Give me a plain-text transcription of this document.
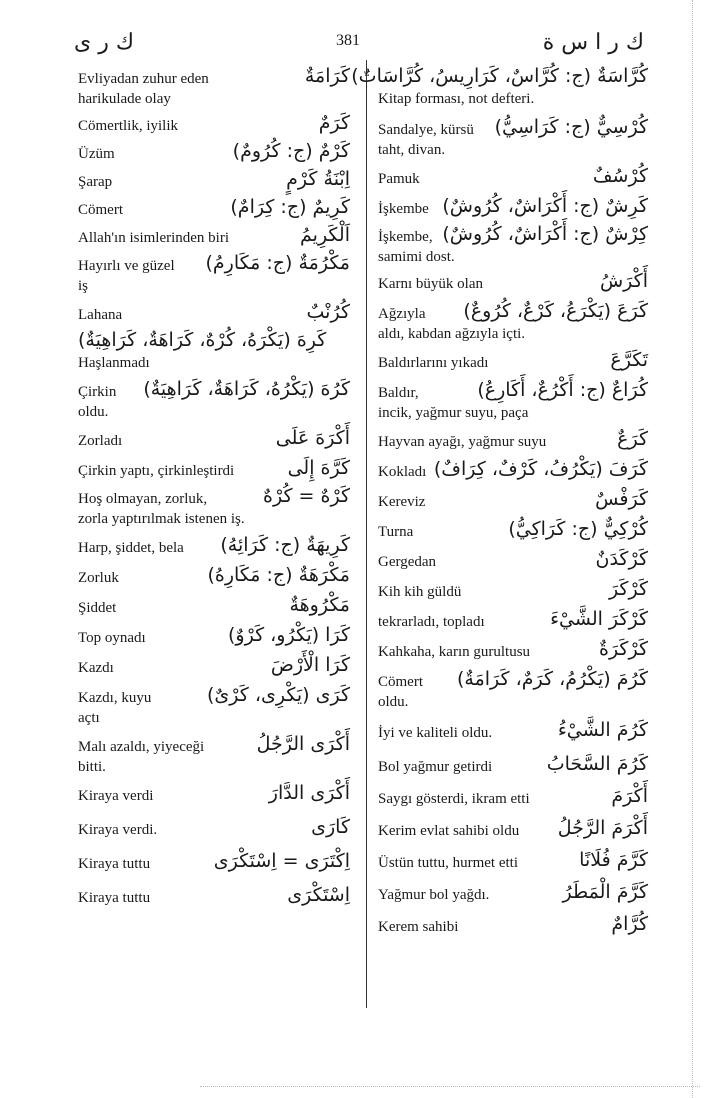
ك ر ى	381	ك ر ا س ة
Evliyadan zuhur eden	كَرَامَةٌ
harikulade olay
Cömertlik, iyilik	كَرَمٌ
Üzüm	كَرْمٌ (ج: كُرُومٌ)
Şarap	اِبْنَةُ كَرْمٍ
Cömert	كَرِيمٌ (ج: كِرَامٌ)
Allah'ın isimlerinden biri	اَلْكَرِيمُ
Hayırlı ve güzel	مَكْرُمَةٌ (ج: مَكَارِمُ)
iş
Lahana	كُرُنْبٌ
كَرِهَ (يَكْرَهُ، كُرْهٌ، كَرَاهَةٌ، كَرَاهِيَةٌ)
Haşlanmadı
Çirkin	كَرُهَ (يَكْرُهُ، كَرَاهَةٌ، كَرَاهِيَةٌ)
oldu.
Zorladı	أَكْرَهَ عَلَى
Çirkin yaptı, çirkinleştirdi	كَرَّهَ إِلَى
Hoş olmayan, zorluk,	كَرْهٌ = كُرْهٌ
zorla yaptırılmak istenen iş.
Harp, şiddet, bela	كَرِيهَةٌ (ج: كَرَائِهُ)
Zorluk	مَكْرَهَةٌ (ج: مَكَارِهُ)
Şiddet	مَكْرُوهَةٌ
Top oynadı	كَرَا (يَكْرُو، كَرْوٌ)
Kazdı	كَرَا الْأَرْضَ
Kazdı, kuyu	كَرَى (يَكْرِى، كَرْىٌ)
açtı
Malı azaldı, yiyeceği	أَكْرَى الرَّجُلُ
bitti.
Kiraya verdi	أَكْرَى الدَّارَ
Kiraya verdi.	كَارَى
Kiraya tuttu	اِكْتَرَى = اِسْتَكْرَى
Kiraya tuttu	اِسْتَكْرَى
كُرَّاسَةٌ (ج: كُرَّاسٌ، كَرَارِيسُ، كُرَّاسَاتٌ)
Kitap forması, not defteri.
Sandalye, kürsü	كُرْسِيٌّ (ج: كَرَاسِيُّ)
taht, divan.
Pamuk	كُرْسُفٌ
İşkembe كَرِشٌ (ج: أَكْرَاشٌ، كُرُوشٌ)
İşkembe, كِرْشٌ (ج: أَكْرَاشٌ، كُرُوشٌ)
samimi dost.
Karnı büyük olan	أَكْرَشُ
Ağzıyla	كَرَعَ (يَكْرَعُ، كَرْعٌ، كُرُوعٌ)
aldı, kabdan ağzıyla içti.
Baldırlarını yıkadı	تَكَرَّعَ
Baldır,	كُرَاعٌ (ج: أَكْرُعٌ، أَكَارِعُ)
incik, yağmur suyu, paça
Hayvan ayağı, yağmur suyu	كَرَعٌ
Kokladı كَرَفَ (يَكْرُفُ، كَرْفٌ، كِرَافٌ)
Kereviz	كَرَفْسٌ
Turna	كُرْكِيٌّ (ج: كَرَاكِيُّ)
Gergedan	كَرْكَدَنٌ
Kih kih güldü	كَرْكَرَ
tekrarladı, topladı	كَرْكَرَ الشَّيْءَ
Kahkaha, karın gurultusu	كَرْكَرَةٌ
Cömert	كَرُمَ (يَكْرُمُ، كَرَمٌ، كَرَامَةٌ)
oldu.
İyi ve kaliteli oldu.	كَرُمَ الشَّيْءُ
Bol yağmur getirdi	كَرُمَ السَّحَابُ
Saygı gösterdi, ikram etti	أَكْرَمَ
Kerim evlat sahibi oldu	أَكْرَمَ الرَّجُلُ
Üstün tuttu, hurmet etti	كَرَّمَ فُلَانًا
Yağmur bol yağdı.	كَرَّمَ الْمَطَرُ
Kerem sahibi	كُرَّامٌ
